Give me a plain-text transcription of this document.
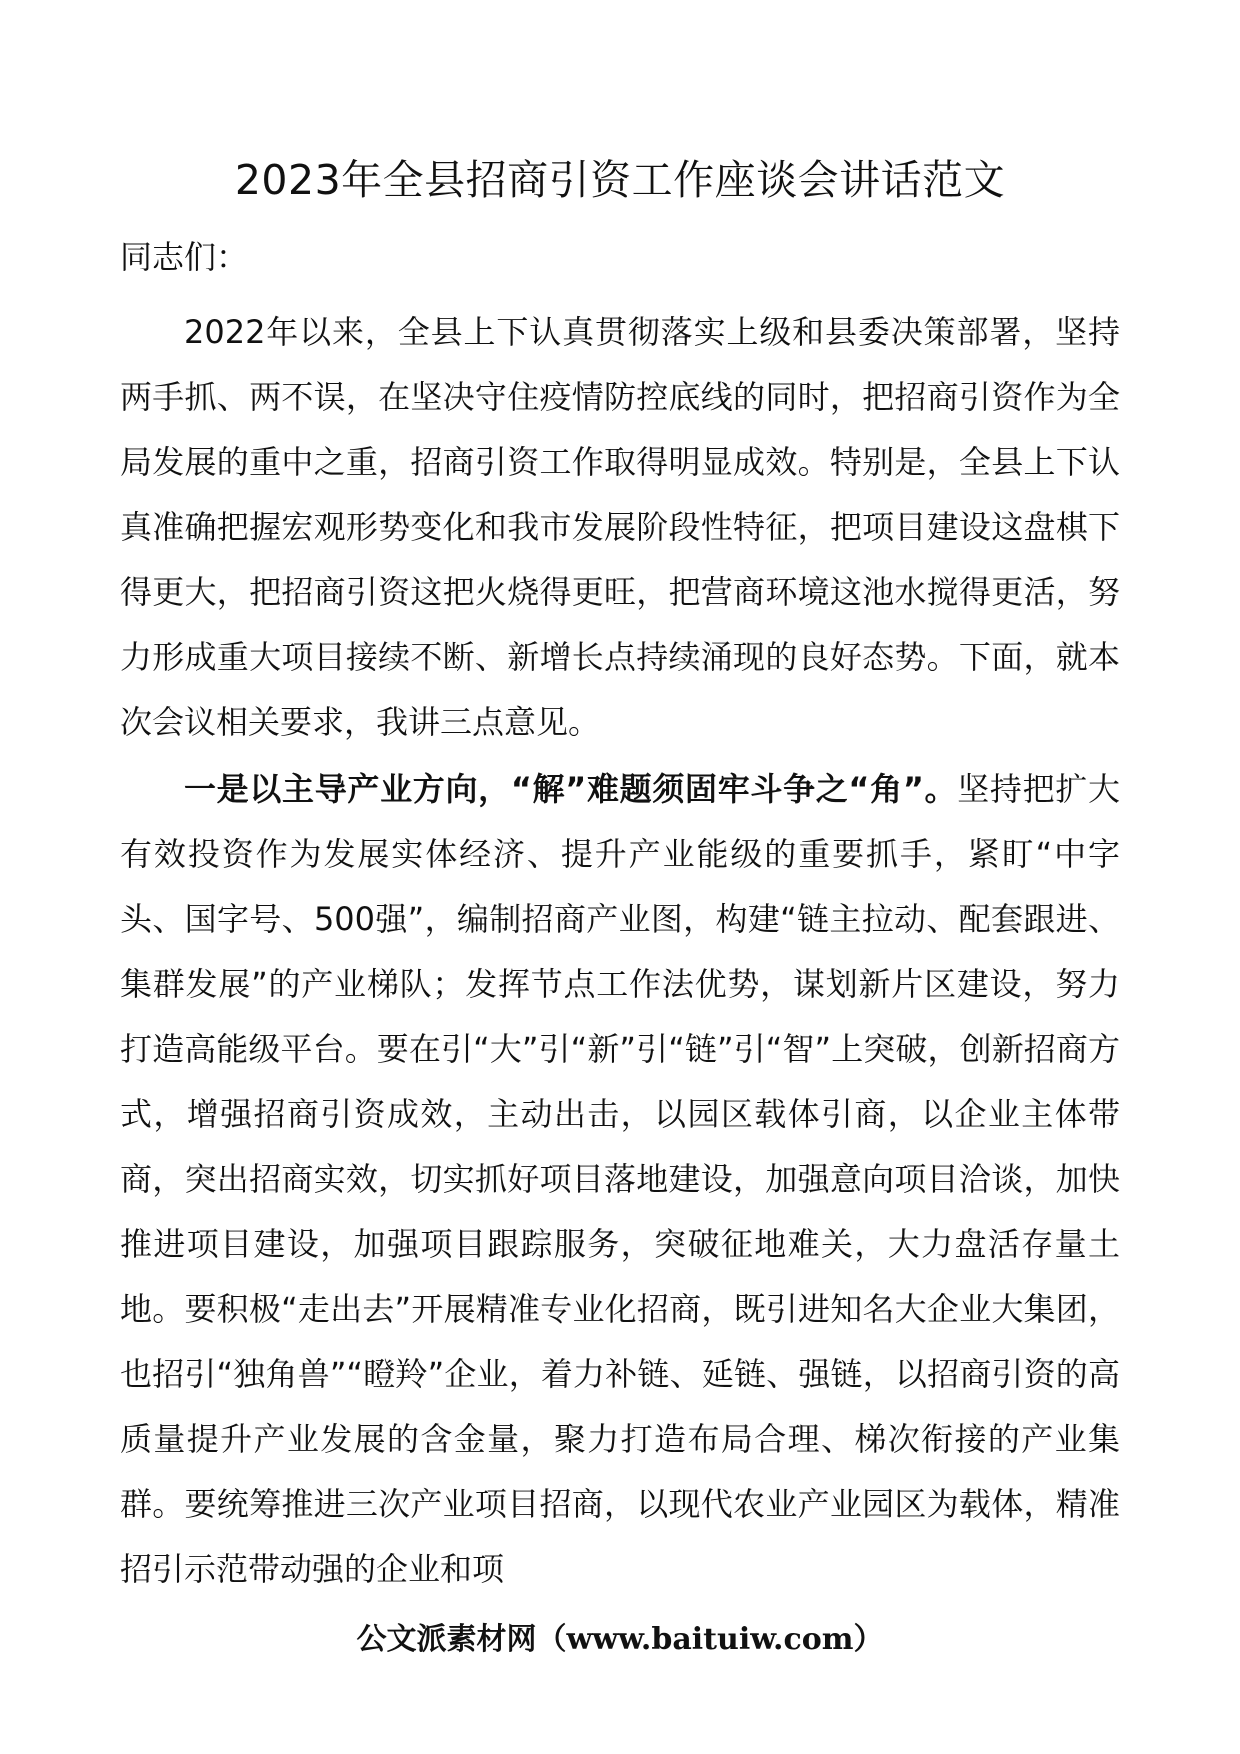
2023年全县招商引资工作座谈会讲话范文

同志们：

2022年以来，全县上下认真贯彻落实上级和县委决策部署，坚持两手抓、两不误，在坚决守住疫情防控底线的同时，把招商引资作为全局发展的重中之重，招商引资工作取得明显成效。特别是，全县上下认真准确把握宏观形势变化和我市发展阶段性特征，把项目建设这盘棋下得更大，把招商引资这把火烧得更旺，把营商环境这池水搅得更活，努力形成重大项目接续不断、新增长点持续涌现的良好态势。下面，就本次会议相关要求，我讲三点意见。

一是以主导产业方向，“解”难题须固牢斗争之“角”。坚持把扩大有效投资作为发展实体经济、提升产业能级的重要抓手，紧盯“中字头、国字号、500强”，编制招商产业图，构建“链主拉动、配套跟进、集群发展”的产业梯队；发挥节点工作法优势，谋划新片区建设，努力打造高能级平台。要在引“大”引“新”引“链”引“智”上突破，创新招商方式，增强招商引资成效，主动出击，以园区载体引商，以企业主体带商，突出招商实效，切实抓好项目落地建设，加强意向项目洽谈，加快推进项目建设，加强项目跟踪服务，突破征地难关，大力盘活存量土地。要积极“走出去”开展精准专业化招商，既引进知名大企业大集团，也招引“独角兽”“瞪羚”企业，着力补链、延链、强链，以招商引资的高质量提升产业发展的含金量，聚力打造布局合理、梯次衔接的产业集群。要统筹推进三次产业项目招商，以现代农业产业园区为载体，精准招引示范带动强的企业和项

公文派素材网（www.baituiw.com）
